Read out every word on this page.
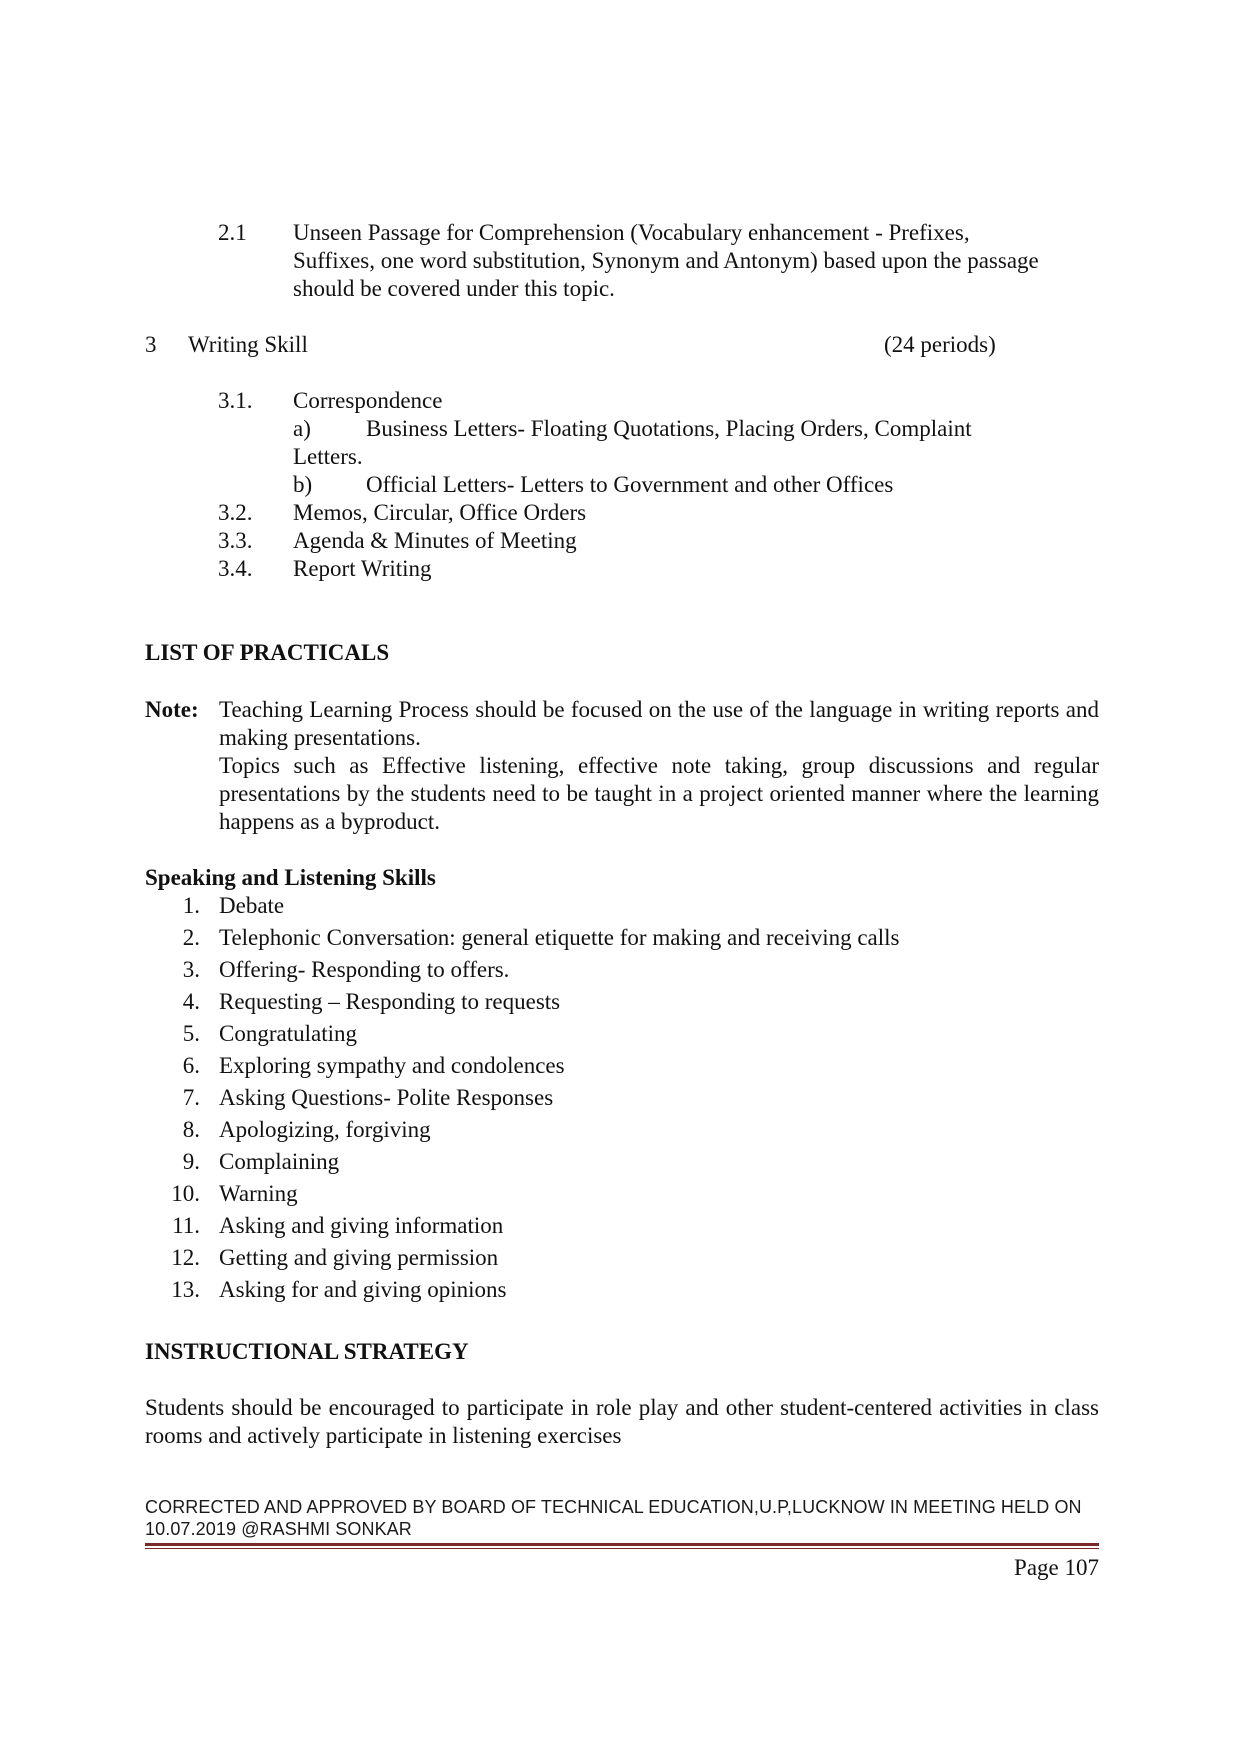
2.1 Unseen Passage for Comprehension (Vocabulary enhancement - Prefixes,
Suffixes, one word substitution, Synonym and Antonym) based upon the passage
should be covered under this topic.
3 Writing Skill	(24 periods)
3.1. Correspondence
a) Business Letters- Floating Quotations, Placing Orders, Complaint
Letters.
b) Official Letters- Letters to Government and other Offices
3.2. Memos, Circular, Office Orders
3.3. Agenda & Minutes of Meeting
3.4. Report Writing
LIST OF PRACTICALS
Note: Teaching Learning Process should be focused on the use of the language in writing reports and making presentations.
Topics such as Effective listening, effective note taking, group discussions and regular presentations by the students need to be taught in a project oriented manner where the learning happens as a byproduct.
Speaking and Listening Skills
1. Debate
2. Telephonic Conversation: general etiquette for making and receiving calls
3. Offering- Responding to offers.
4. Requesting – Responding to requests
5. Congratulating
6. Exploring sympathy and condolences
7. Asking Questions- Polite Responses
8. Apologizing, forgiving
9. Complaining
10. Warning
11. Asking and giving information
12. Getting and giving permission
13. Asking for and giving opinions
INSTRUCTIONAL STRATEGY
Students should be encouraged to participate in role play and other student-centered activities in class rooms and actively participate in listening exercises
CORRECTED AND APPROVED BY BOARD OF TECHNICAL EDUCATION,U.P,LUCKNOW IN MEETING HELD ON
10.07.2019 @RASHMI SONKAR
Page 107
